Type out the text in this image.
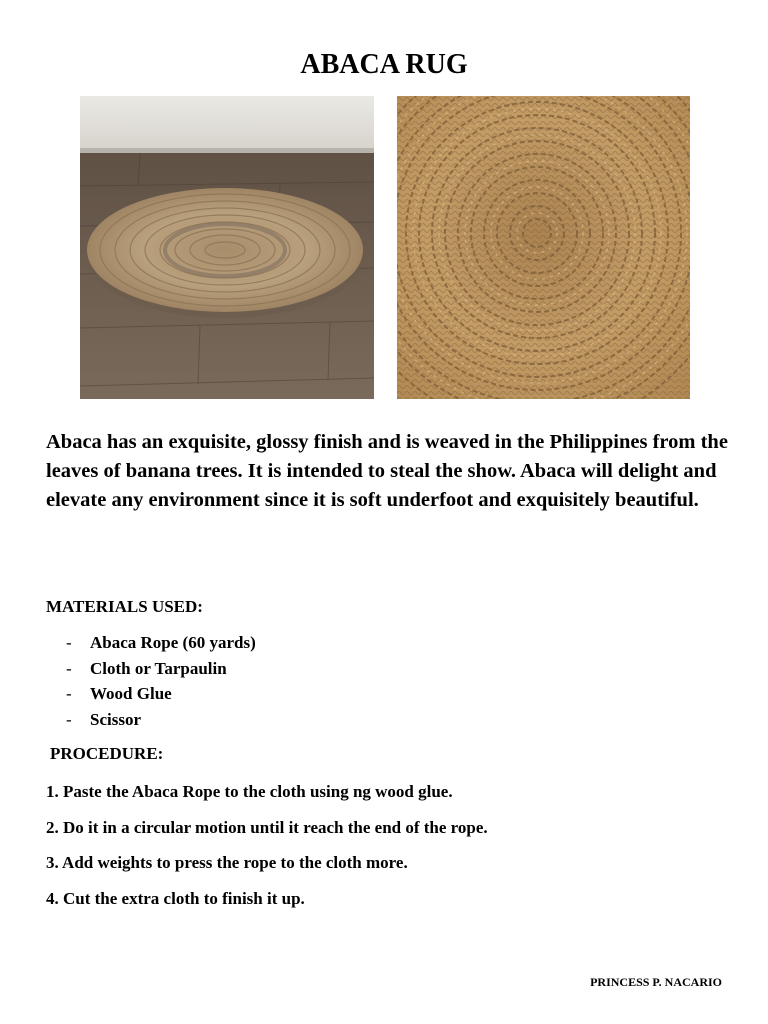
ABACA RUG

Abaca has an exquisite, glossy finish and is weaved in the Philippines from the leaves of banana trees. It is intended to steal the show. Abaca will delight and elevate any environment since it is soft underfoot and exquisitely beautiful.

MATERIALS USED:
-	Abaca Rope (60 yards)
-	Cloth or Tarpaulin
-	Wood Glue
-	Scissor
PROCEDURE:
1. Paste the Abaca Rope to the cloth using ng wood glue.
2. Do it in a circular motion until it reach the end of the rope.
3. Add weights to press the rope to the cloth more.
4. Cut the extra cloth to finish it up.
PRINCESS P. NACARIO
